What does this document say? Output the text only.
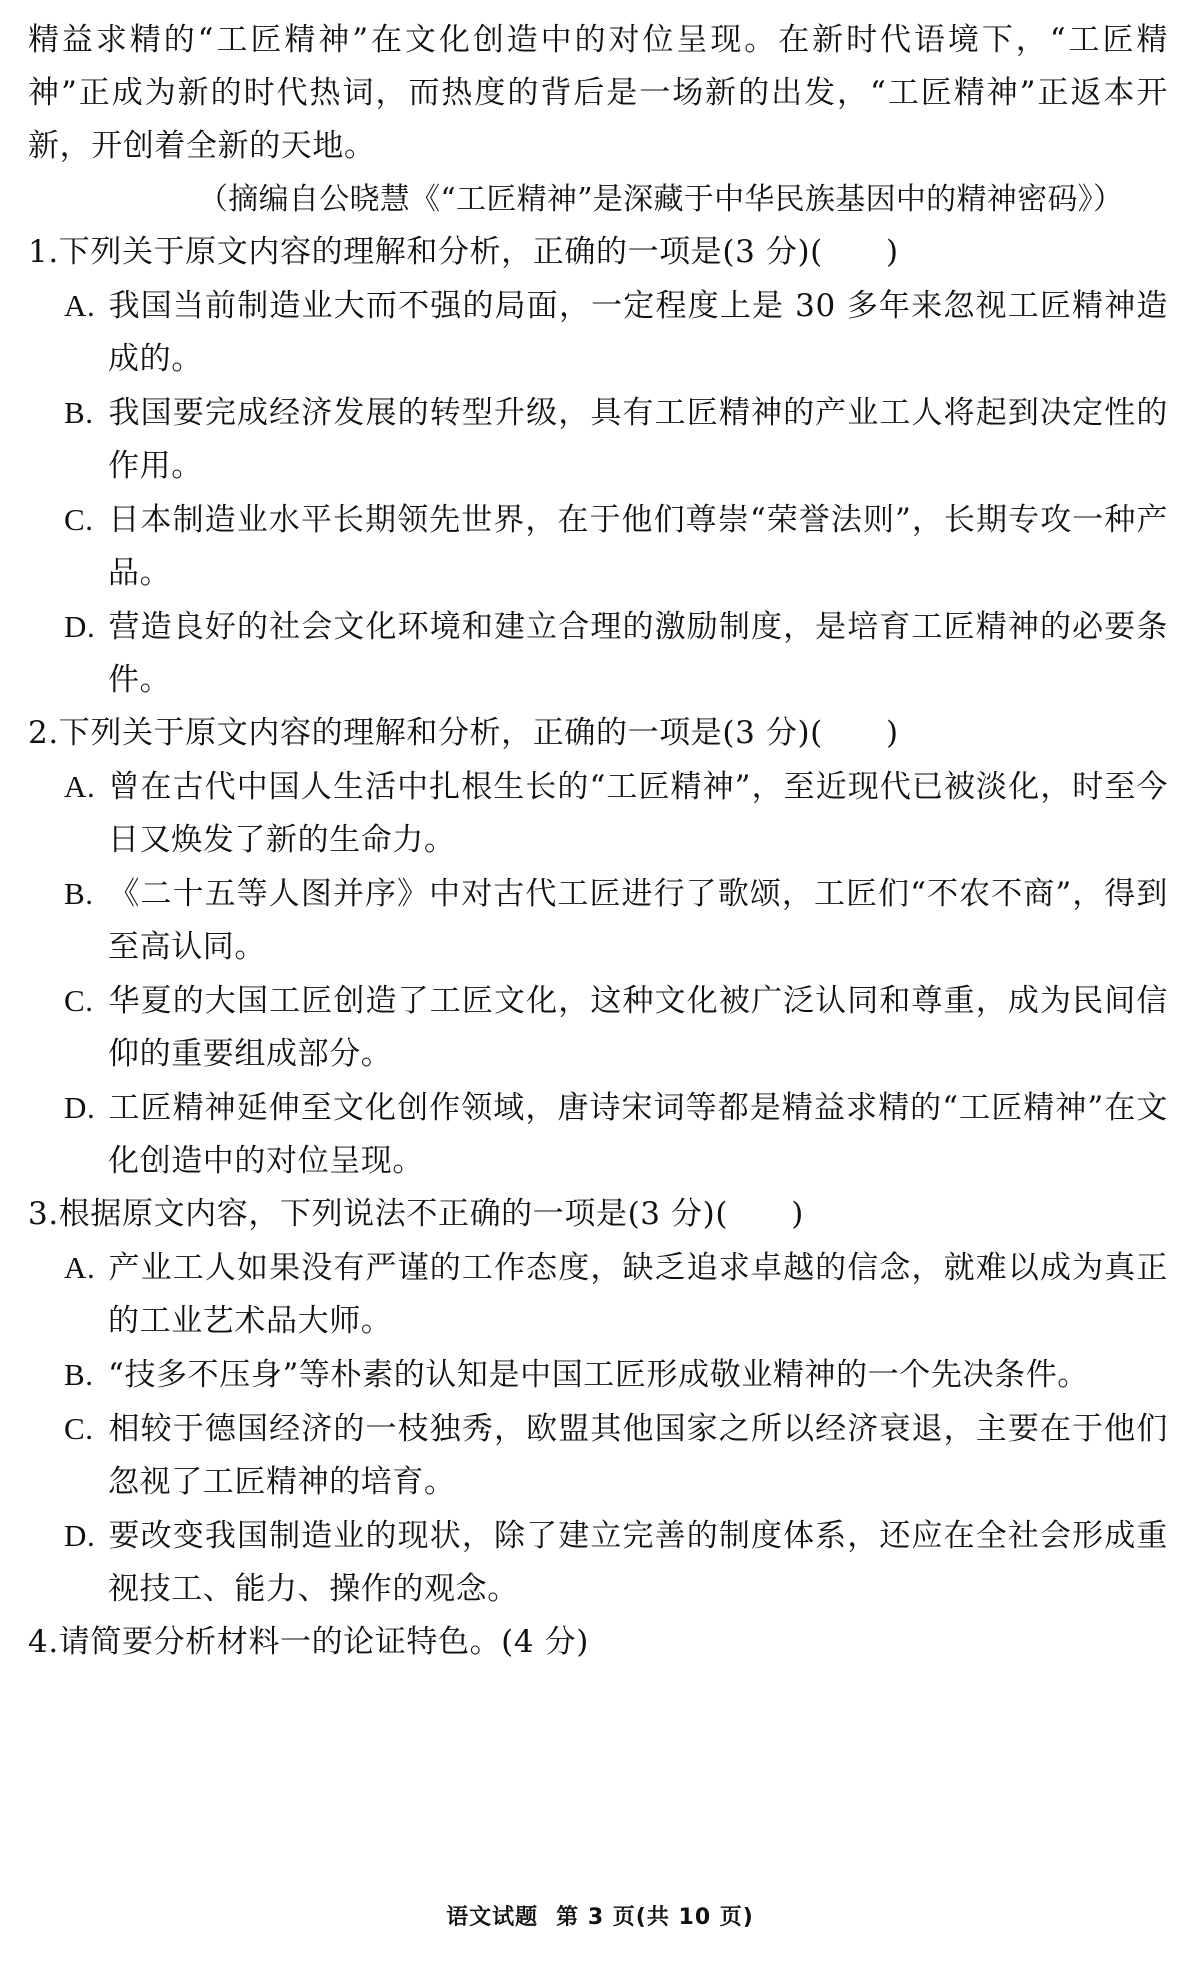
精益求精的“工匠精神”在文化创造中的对位呈现。在新时代语境下，“工匠精神”正成为新的时代热词，而热度的背后是一场新的出发，“工匠精神”正返本开新，开创着全新的天地。

（摘编自公晓慧《“工匠精神”是深藏于中华民族基因中的精神密码》）

1.下列关于原文内容的理解和分析，正确的一项是(3 分)(　　)

A. 我国当前制造业大而不强的局面，一定程度上是 30 多年来忽视工匠精神造成的。

B. 我国要完成经济发展的转型升级，具有工匠精神的产业工人将起到决定性的作用。

C. 日本制造业水平长期领先世界，在于他们尊崇“荣誉法则”，长期专攻一种产品。

D. 营造良好的社会文化环境和建立合理的激励制度，是培育工匠精神的必要条件。

2.下列关于原文内容的理解和分析，正确的一项是(3 分)(　　)

A. 曾在古代中国人生活中扎根生长的“工匠精神”，至近现代已被淡化，时至今日又焕发了新的生命力。

B. 《二十五等人图并序》中对古代工匠进行了歌颂，工匠们“不农不商”，得到至高认同。

C. 华夏的大国工匠创造了工匠文化，这种文化被广泛认同和尊重，成为民间信仰的重要组成部分。

D. 工匠精神延伸至文化创作领域，唐诗宋词等都是精益求精的“工匠精神”在文化创造中的对位呈现。

3.根据原文内容，下列说法不正确的一项是(3 分)(　　)

A. 产业工人如果没有严谨的工作态度，缺乏追求卓越的信念，就难以成为真正的工业艺术品大师。

B. “技多不压身”等朴素的认知是中国工匠形成敬业精神的一个先决条件。

C. 相较于德国经济的一枝独秀，欧盟其他国家之所以经济衰退，主要在于他们忽视了工匠精神的培育。

D. 要改变我国制造业的现状，除了建立完善的制度体系，还应在全社会形成重视技工、能力、操作的观念。

4.请简要分析材料一的论证特色。(4 分)

语文试题 第 3 页(共 10 页)
